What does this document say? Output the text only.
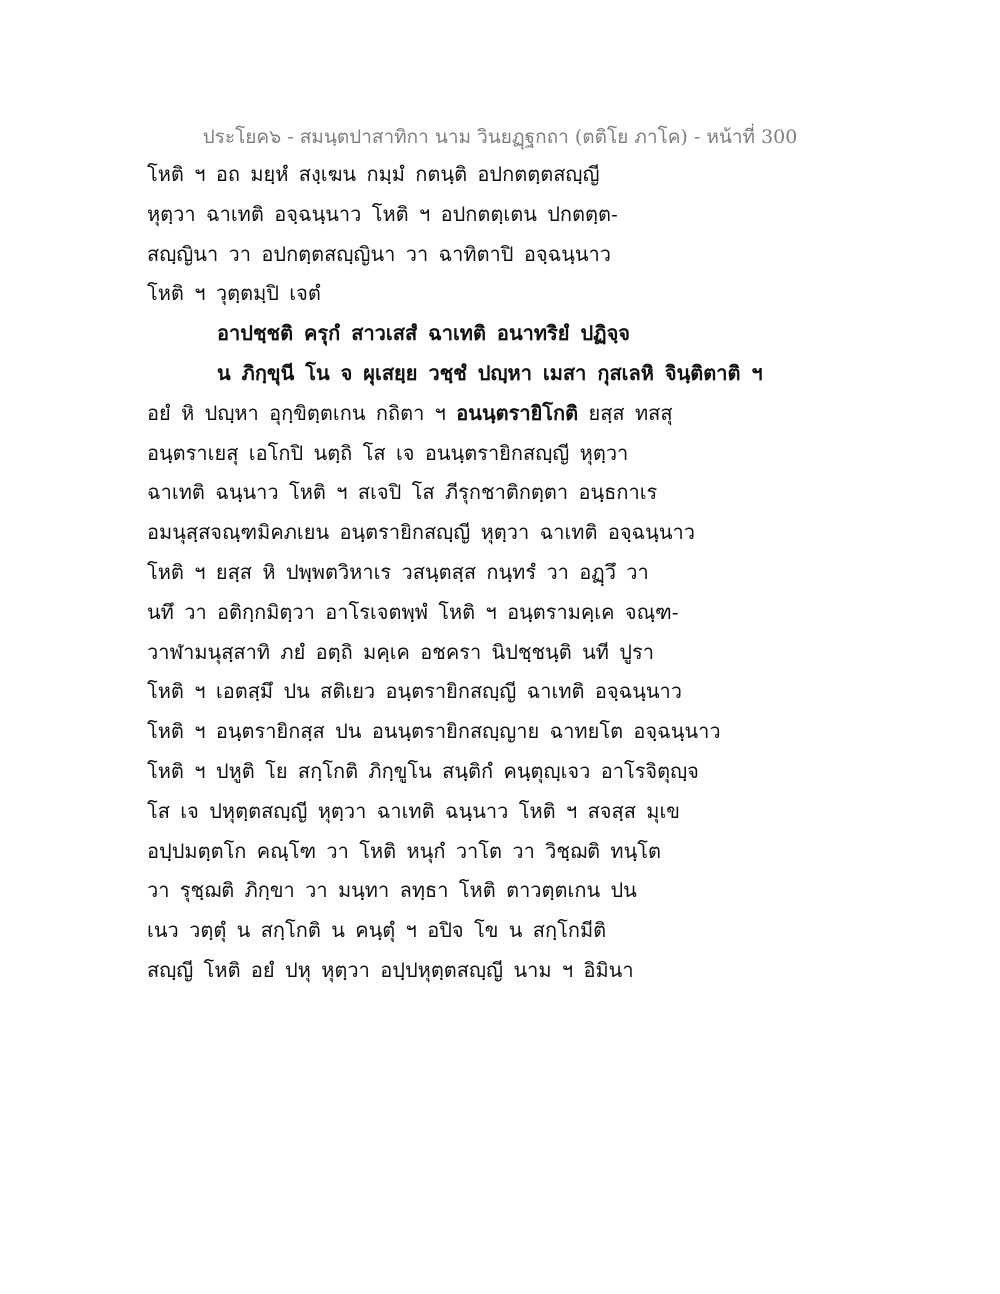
ประโยค๖ - สมนฺตปาสาทิกา นาม วินยฏฺฐกถา (ตติโย ภาโค) - หน้าที่ 300
โหติ ฯ อถ มยฺหํ สงฺเฆน กมฺมํ กตนฺติ อปกตตฺตสญฺญี
หุตฺวา ฉาเทติ อจฺฉนฺนาว โหติ ฯ อปกตตฺเตน ปกตตฺต-
สญฺญินา วา อปกตฺตสญฺญินา วา ฉาทิตาปิ อจฺฉนฺนาว
โหติ ฯ วุตฺตมฺปิ เจตํ
อาปชฺชติ ครุกํ สาวเสสํ ฉาเทติ อนาทริยํ ปฏิจฺจ
น ภิกฺขุนี โน จ ผุเสยฺย วชฺชํ ปญฺหา เมสา กุสเลหิ จินฺติตาติ ฯ
อยํ หิ ปญฺหา อุกฺขิตฺตเกน กถิตา ฯ อนนฺตรายิโกติ ยสฺส ทสสุ
อนฺตราเยสุ เอโกปิ นตฺถิ โส เจ อนนฺตรายิกสญฺญี หุตฺวา
ฉาเทติ ฉนฺนาว โหติ ฯ สเจปิ โส ภีรุกชาติกตฺตา อนฺธกาเร
อมนุสฺสจณฺฑมิคภเยน อนฺตรายิกสญฺญี หุตฺวา ฉาเทติ อจฺฉนฺนาว
โหติ ฯ ยสฺส หิ ปพฺพตวิหาเร วสนฺตสฺส กนฺทรํ วา อฏฺวึ วา
นทึ วา อติกฺกมิตฺวา อาโรเจตพฺพํ โหติ ฯ อนฺตรามคฺเค จณฺฑ-
วาฬามนุสฺสาทิ ภยํ อตฺถิ มคฺเค อชครา นิปชฺชนฺติ นที ปูรา
โหติ ฯ เอตสฺมึ ปน สติเยว อนฺตรายิกสญฺญี ฉาเทติ อจฺฉนฺนาว
โหติ ฯ อนฺตรายิกสฺส ปน อนนฺตรายิกสญฺญาย ฉาทยโต อจฺฉนฺนาว
โหติ ฯ ปหูติ โย สกฺโกติ ภิกฺขูโน สนฺติกํ คนฺตุญฺเจว อาโรจิตุญฺจ
โส เจ ปหุตฺตสญฺญี หุตฺวา ฉาเทติ ฉนฺนาว โหติ ฯ สจสฺส มุเข
อปฺปมตฺตโก คณฺโฑ วา โหติ หนุกํ วาโต วา วิชฺฌติ ทนฺโต
วา รุชฺฌติ ภิกฺขา วา มนฺทา ลทฺธา โหติ ตาวตฺตเกน ปน
เนว วตฺตุํ น สกฺโกติ น คนฺตุํ ฯ อปิจ โข น สกฺโกมีติ
สญฺญี โหติ อยํ ปหุ หุตฺวา อปฺปหุตฺตสญฺญี นาม ฯ อิมินา
